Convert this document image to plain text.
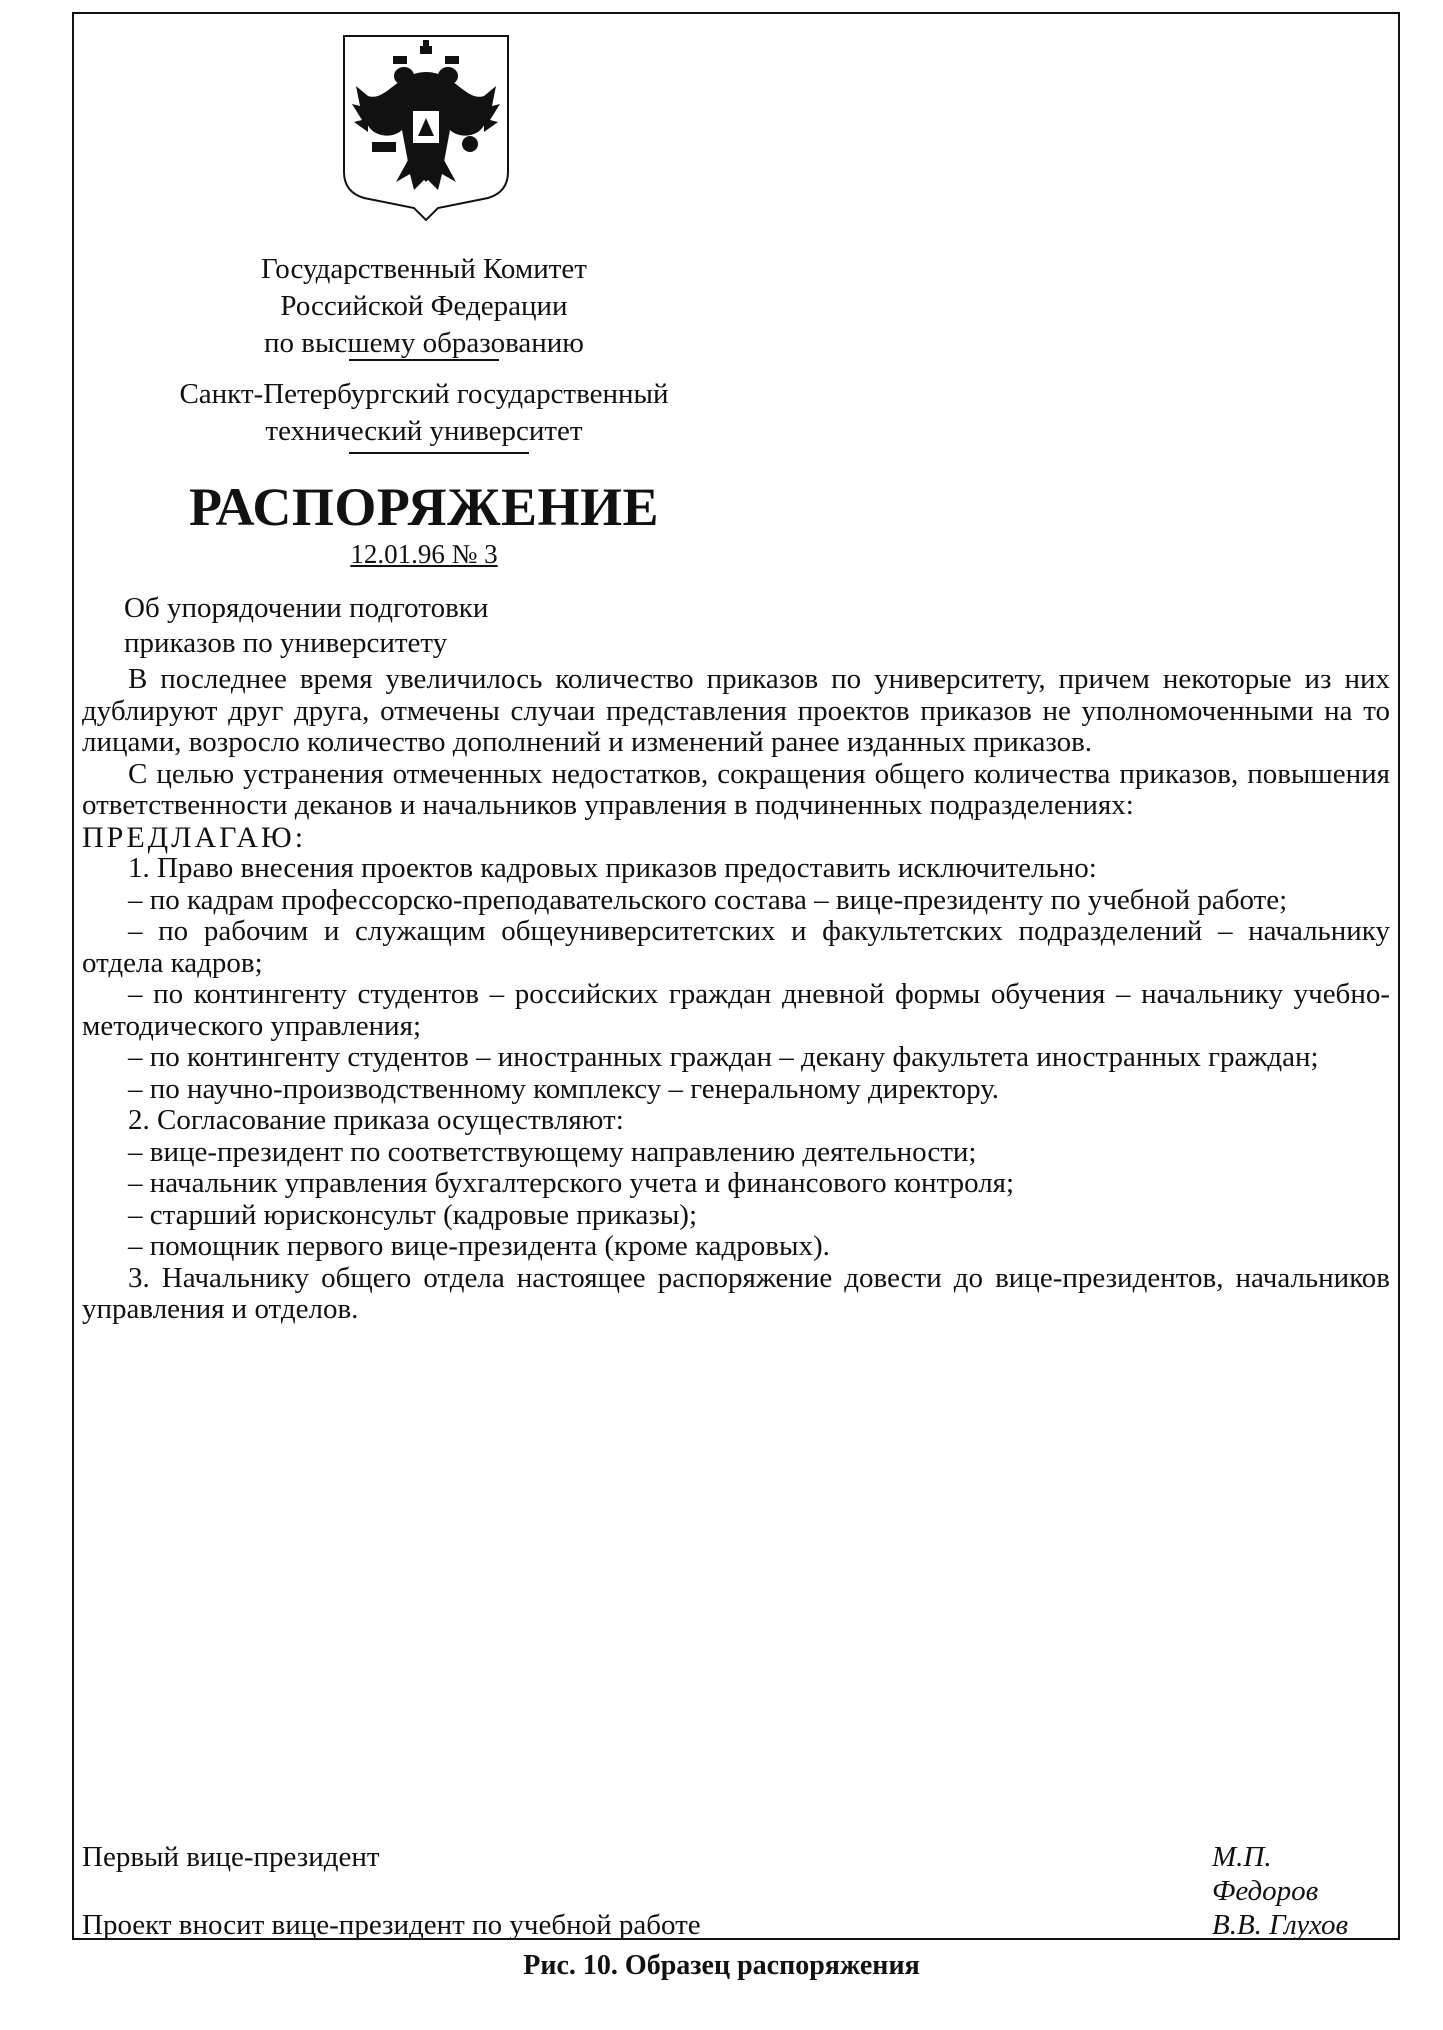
Государственный Комитет
Российской Федерации
по высшему образованию
Санкт-Петербургский государственный
технический университет
РАСПОРЯЖЕНИЕ
12.01.96 № 3
Об упорядочении подготовки
приказов по университету

В последнее время увеличилось количество приказов по университету, причем некоторые из них дублируют друг друга, отмечены случаи представления проектов приказов не уполномоченными на то лицами, возросло количество дополнений и изменений ранее изданных приказов.

С целью устранения отмеченных недостатков, сокращения общего количества приказов, повышения ответственности деканов и начальников управления в подчиненных подразделениях:

ПРЕДЛАГАЮ:

1. Право внесения проектов кадровых приказов предоставить исключительно:

– по кадрам профессорско-преподавательского состава – вице-президенту по учебной работе;

– по рабочим и служащим общеуниверситетских и факультетских подразделений – начальнику отдела кадров;

– по контингенту студентов – российских граждан дневной формы обучения – начальнику учебно-методического управления;

– по контингенту студентов – иностранных граждан – декану факультета иностранных граждан;

– по научно-производственному комплексу – генеральному директору.

2. Согласование приказа осуществляют:

– вице-президент по соответствующему направлению деятельности;

– начальник управления бухгалтерского учета и финансового контроля;

– старший юрисконсульт (кадровые приказы);

– помощник первого вице-президента (кроме кадровых).

3. Начальнику общего отдела настоящее распоряжение довести до вице-президентов, начальников управления и отделов.

Первый вице-президент	М.П. Федоров
Проект вносит вице-президент по учебной работе	В.В. Глухов
Рис. 10. Образец распоряжения
